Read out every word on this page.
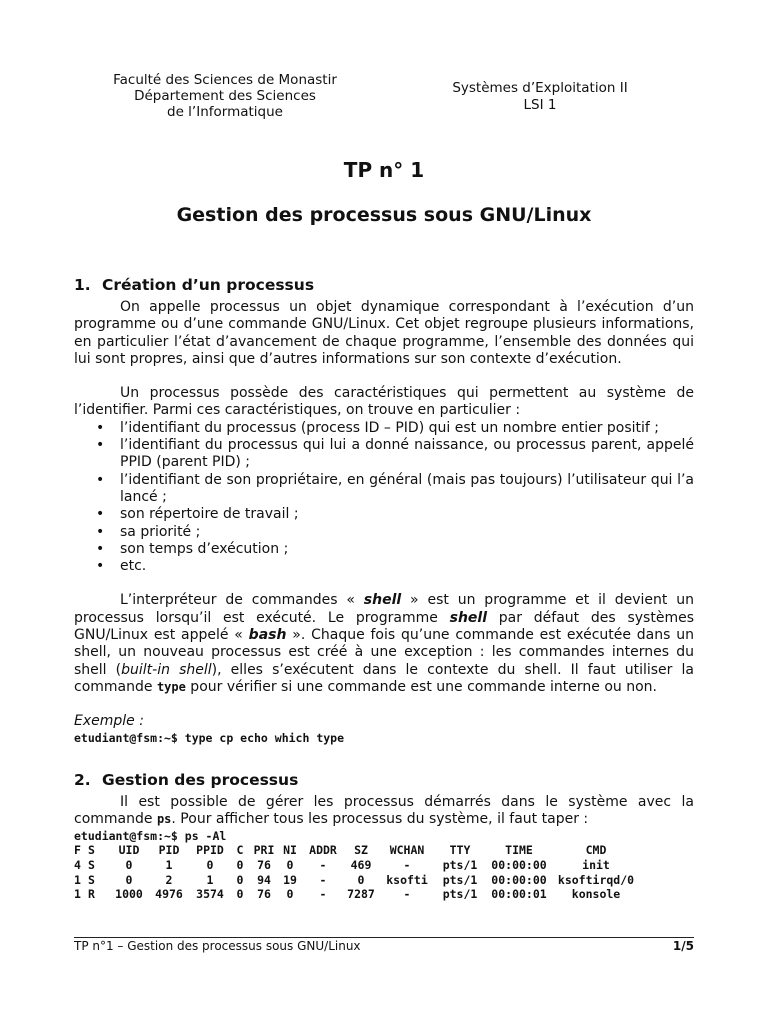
Faculté des Sciences de Monastir
Département des Sciences
de l’Informatique
Systèmes d’Exploitation II
LSI 1
TP n° 1
Gestion des processus sous GNU/Linux
1. Création d’un processus

On appelle processus un objet dynamique correspondant à l’exécution d’un programme ou d’une commande GNU/Linux. Cet objet regroupe plusieurs informations, en particulier l’état d’avancement de chaque programme, l’ensemble des données qui lui sont propres, ainsi que d’autres informations sur son contexte d’exécution.

Un processus possède des caractéristiques qui permettent au système de l’identifier. Parmi ces caractéristiques, on trouve en particulier :

• l’identifiant du processus (process ID – PID) qui est un nombre entier positif ;
• l’identifiant du processus qui lui a donné naissance, ou processus parent, appelé PPID (parent PID) ;
• l’identifiant de son propriétaire, en général (mais pas toujours) l’utilisateur qui l’a lancé ;
• son répertoire de travail ;
• sa priorité ;
• son temps d’exécution ;
• etc.

L’interpréteur de commandes « shell » est un programme et il devient un processus lorsqu’il est exécuté. Le programme shell par défaut des systèmes GNU/Linux est appelé « bash ». Chaque fois qu’une commande est exécutée dans un shell, un nouveau processus est créé à une exception : les commandes internes du shell (built-in shell), elles s’exécutent dans le contexte du shell. Il faut utiliser la commande type pour vérifier si une commande est une commande interne ou non.

Exemple :
etudiant@fsm:~$ type cp echo which type
2. Gestion des processus

Il est possible de gérer les processus démarrés dans le système avec la commande ps. Pour afficher tous les processus du système, il faut taper :

etudiant@fsm:~$ ps -Al
F	S	UID	PID	PPID	C	PRI	NI	ADDR	SZ	WCHAN	TTY	TIME	CMD
4	S	0	1	0	0	76	0	-	469	-	pts/1	00:00:00	init
1	S	0	2	1	0	94	19	-	0	ksofti	pts/1	00:00:00	ksoftirqd/0
1	R	1000	4976	3574	0	76	0	-	7287	-	pts/1	00:00:01	konsole
TP n°1 – Gestion des processus sous GNU/Linux	1/5
